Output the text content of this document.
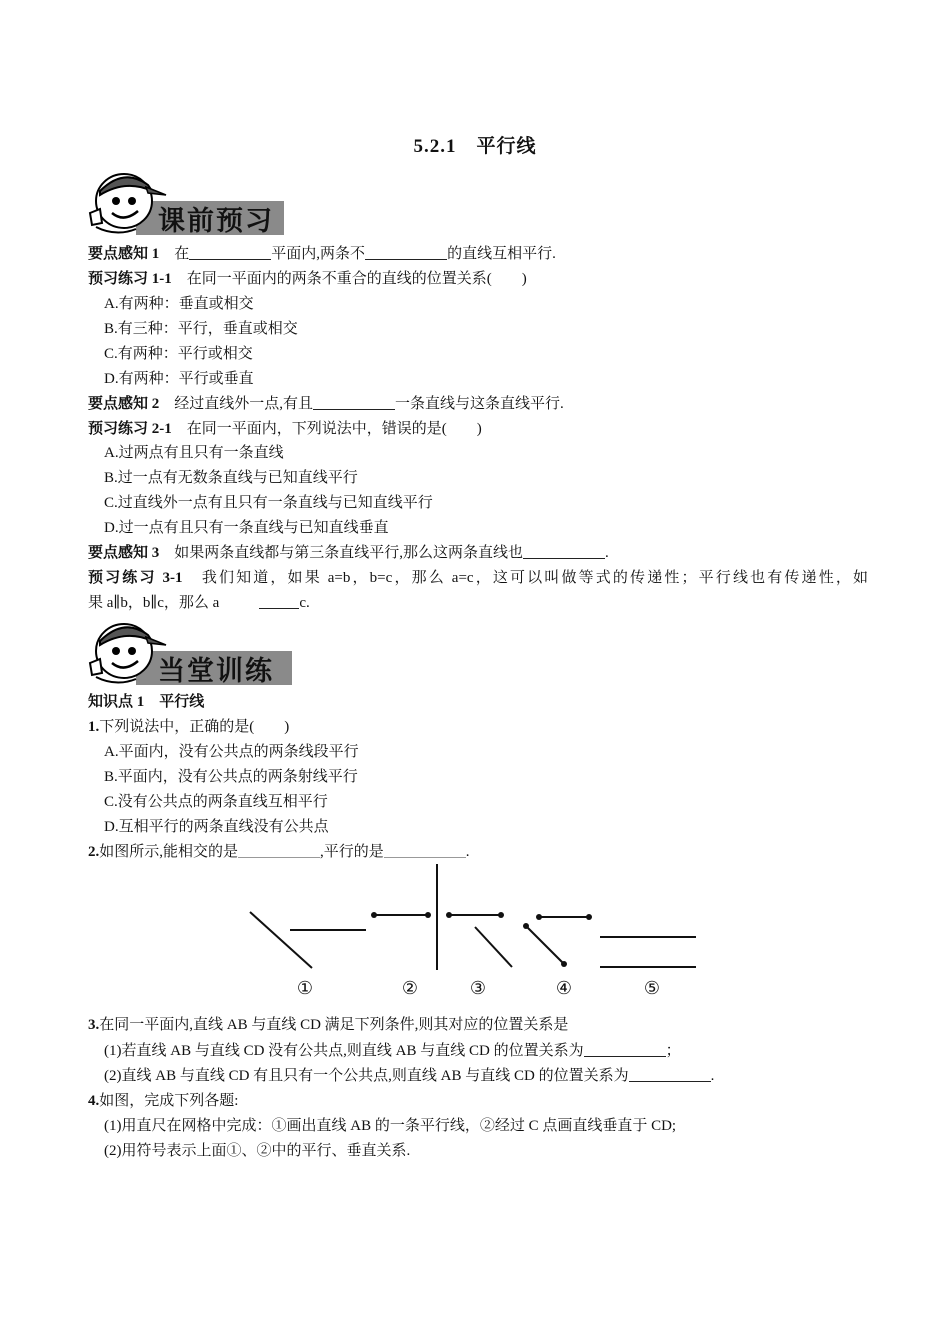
5.2.1　平行线
课前预习
要点感知 1　 在	平面内,两条不	的直线互相平行.
预习练习 1-1　 在同一平面内的两条不重合的直线的位置关系(　　)
A.有两种：垂直或相交
B.有三种：平行，垂直或相交
C.有两种：平行或相交
D.有两种：平行或垂直
要点感知 2　 经过直线外一点,有且	一条直线与这条直线平行.
预习练习 2-1　 在同一平面内，下列说法中，错误的是(　　)
A.过两点有且只有一条直线
B.过一点有无数条直线与已知直线平行
C.过直线外一点有且只有一条直线与已知直线平行
D.过一点有且只有一条直线与已知直线垂直
要点感知 3　 如果两条直线都与第三条直线平行,那么这两条直线也	.
预习练习 3-1　 我们知道，如果 a=b，b=c，那么 a=c，这可以叫做等式的传递性；平行线也有传递性，如
果 a∥b，b∥c，那么 a	c.
当堂训练
知识点 1　平行线
1.下列说法中，正确的是(　　)
A.平面内，没有公共点的两条线段平行
B.平面内，没有公共点的两条射线平行
C.没有公共点的两条直线互相平行
D.互相平行的两条直线没有公共点
2.如图所示,能相交的是	,平行的是	.
①	②	③	④	⑤
3.在同一平面内,直线 AB 与直线 CD 满足下列条件,则其对应的位置关系是
(1)若直线 AB 与直线 CD 没有公共点,则直线 AB 与直线 CD 的位置关系为	；
(2)直线 AB 与直线 CD 有且只有一个公共点,则直线 AB 与直线 CD 的位置关系为	.
4.如图，完成下列各题:
(1)用直尺在网格中完成：①画出直线 AB 的一条平行线，②经过 C 点画直线垂直于 CD;
(2)用符号表示上面①、②中的平行、垂直关系.
